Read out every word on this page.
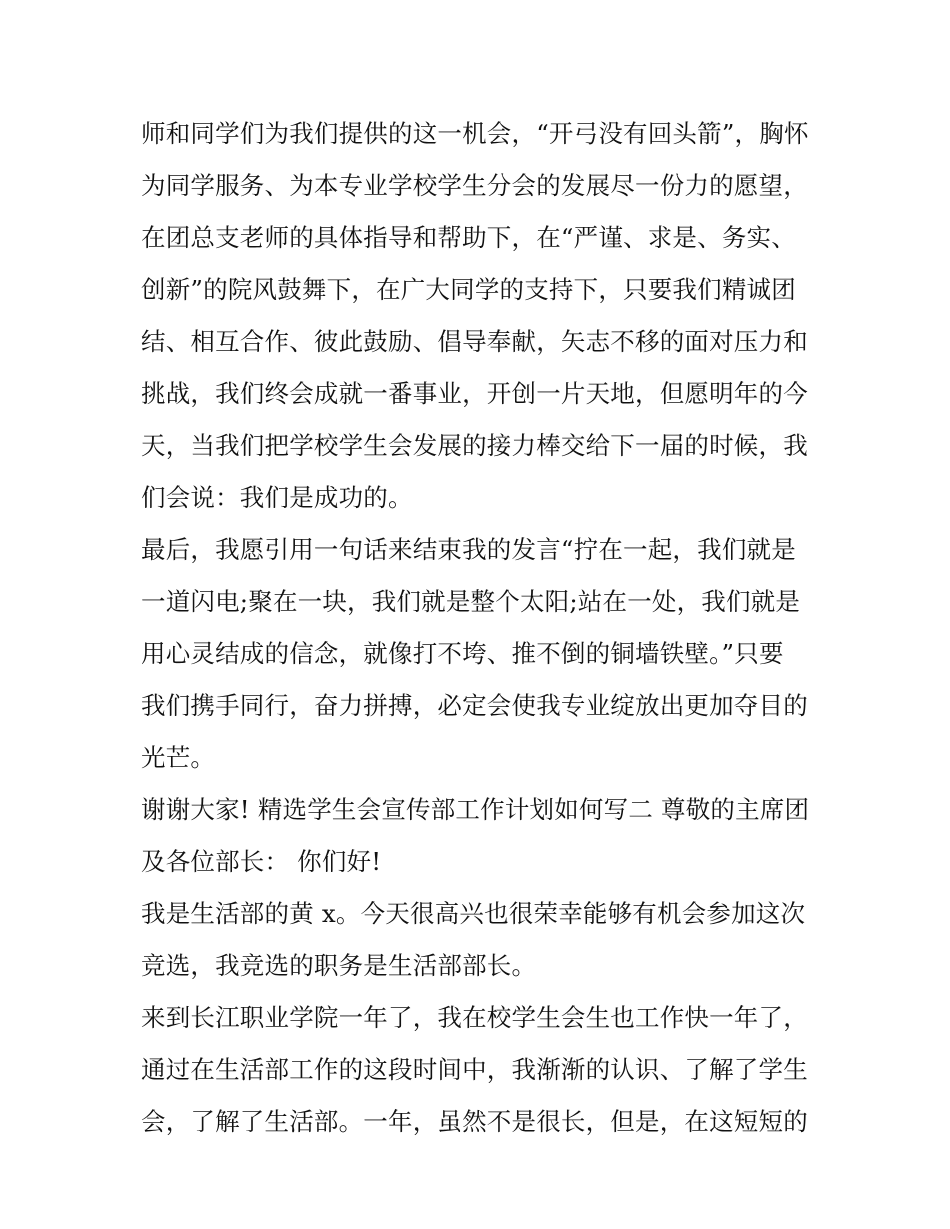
师和同学们为我们提供的这一机会，“开弓没有回头箭”，胸怀
为同学服务、为本专业学校学生分会的发展尽一份力的愿望，
在团总支老师的具体指导和帮助下，在“严谨、求是、务实、
创新”的院风鼓舞下，在广大同学的支持下，只要我们精诚团
结、相互合作、彼此鼓励、倡导奉献，矢志不移的面对压力和
挑战，我们终会成就一番事业，开创一片天地，但愿明年的今
天，当我们把学校学生会发展的接力棒交给下一届的时候，我
们会说：我们是成功的。
最后，我愿引用一句话来结束我的发言“拧在一起，我们就是
一道闪电;聚在一块，我们就是整个太阳;站在一处，我们就是
用心灵结成的信念，就像打不垮、推不倒的铜墙铁壁。”只要
我们携手同行，奋力拼搏，必定会使我专业绽放出更加夺目的
光芒。
谢谢大家! 精选学生会宣传部工作计划如何写二 尊敬的主席团
及各位部长： 你们好!
我是生活部的黄 x。今天很高兴也很荣幸能够有机会参加这次
竞选，我竞选的职务是生活部部长。
来到长江职业学院一年了，我在校学生会生也工作快一年了，
通过在生活部工作的这段时间中，我渐渐的认识、了解了学生
会，了解了生活部。一年，虽然不是很长，但是，在这短短的
